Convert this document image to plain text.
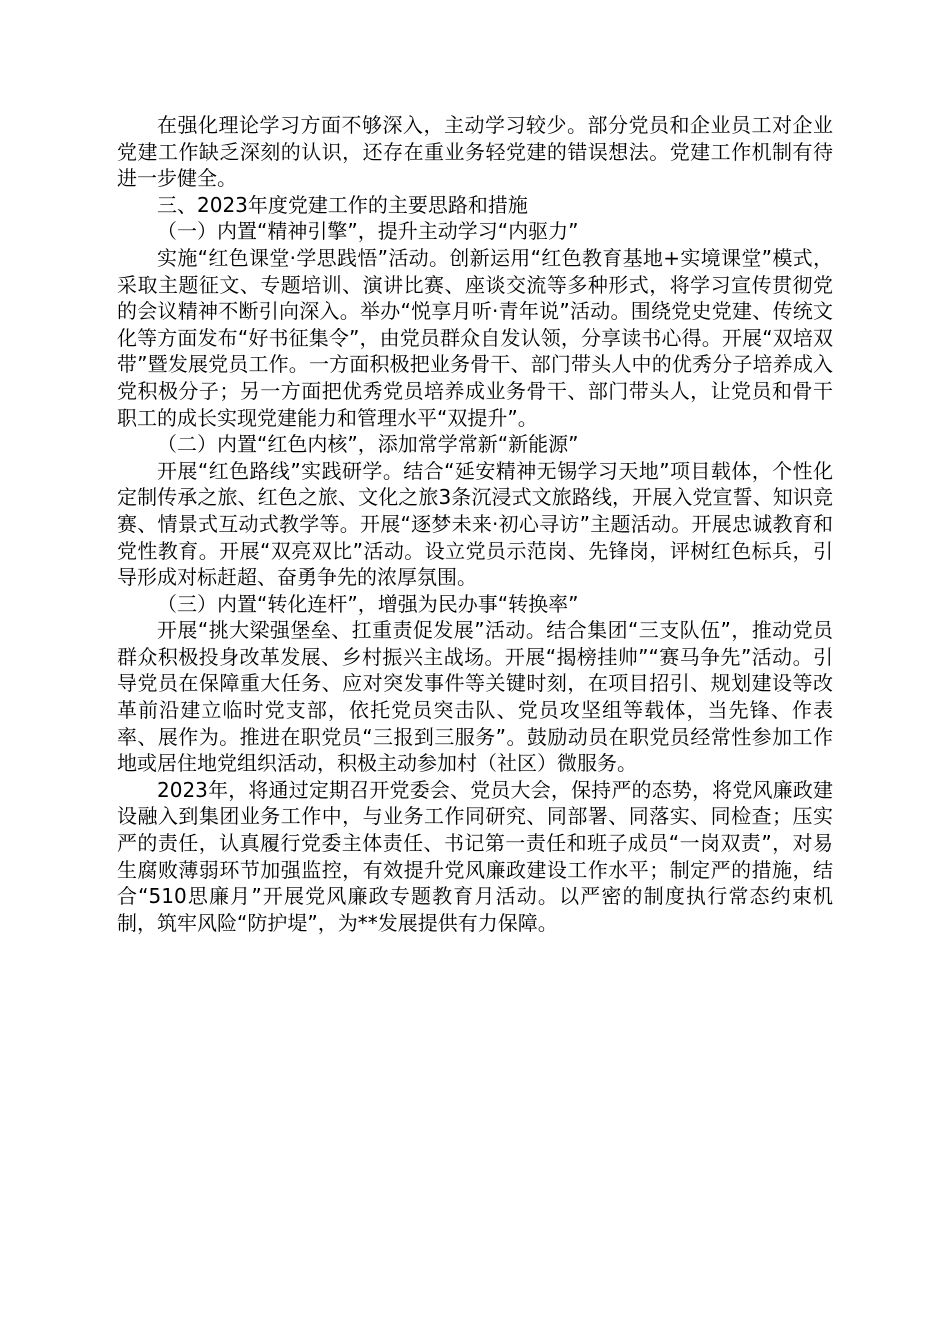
在强化理论学习方面不够深入，主动学习较少。部分党员和企业员工对企业党建工作缺乏深刻的认识，还存在重业务轻党建的错误想法。党建工作机制有待进一步健全。

三、2023年度党建工作的主要思路和措施

（一）内置“精神引擎”，提升主动学习“内驱力”

实施“红色课堂·学思践悟”活动。创新运用“红色教育基地+实境课堂”模式，采取主题征文、专题培训、演讲比赛、座谈交流等多种形式，将学习宣传贯彻党的会议精神不断引向深入。举办“悦享月听·青年说”活动。围绕党史党建、传统文化等方面发布“好书征集令”，由党员群众自发认领，分享读书心得。开展“双培双带”暨发展党员工作。一方面积极把业务骨干、部门带头人中的优秀分子培养成入党积极分子；另一方面把优秀党员培养成业务骨干、部门带头人，让党员和骨干职工的成长实现党建能力和管理水平“双提升”。

（二）内置“红色内核”，添加常学常新“新能源”

开展“红色路线”实践研学。结合“延安精神无锡学习天地”项目载体，个性化定制传承之旅、红色之旅、文化之旅3条沉浸式文旅路线，开展入党宣誓、知识竞赛、情景式互动式教学等。开展“逐梦未来·初心寻访”主题活动。开展忠诚教育和党性教育。开展“双亮双比”活动。设立党员示范岗、先锋岗，评树红色标兵，引导形成对标赶超、奋勇争先的浓厚氛围。

（三）内置“转化连杆”，增强为民办事“转换率”

开展“挑大梁强堡垒、扛重责促发展”活动。结合集团“三支队伍”，推动党员群众积极投身改革发展、乡村振兴主战场。开展“揭榜挂帅”“赛马争先”活动。引导党员在保障重大任务、应对突发事件等关键时刻，在项目招引、规划建设等改革前沿建立临时党支部，依托党员突击队、党员攻坚组等载体，当先锋、作表率、展作为。推进在职党员“三报到三服务”。鼓励动员在职党员经常性参加工作地或居住地党组织活动，积极主动参加村（社区）微服务。

2023年，将通过定期召开党委会、党员大会，保持严的态势，将党风廉政建设融入到集团业务工作中，与业务工作同研究、同部署、同落实、同检查；压实严的责任，认真履行党委主体责任、书记第一责任和班子成员“一岗双责”，对易生腐败薄弱环节加强监控，有效提升党风廉政建设工作水平；制定严的措施，结合“510思廉月”开展党风廉政专题教育月活动。以严密的制度执行常态约束机制，筑牢风险“防护堤”，为**发展提供有力保障。
